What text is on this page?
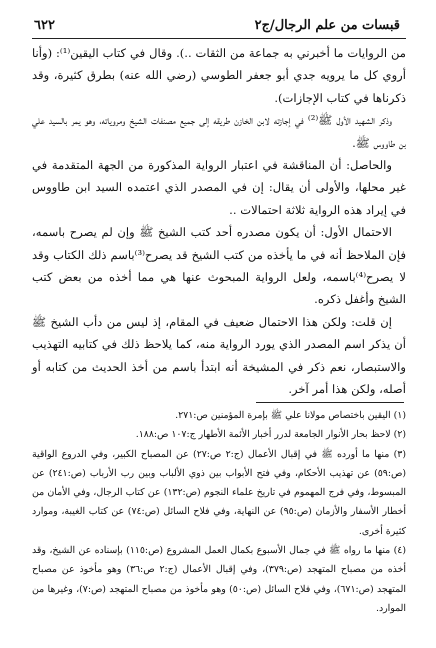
قبسات من علم الرجال/ج٢
٦٢٢

من الروايات ما أخبرني به جماعة من الثقات ..). وقال في كتاب اليقين⁽¹⁾: (وأنا أروي كل ما يرويه جدي أبو جعفر الطوسي (رضي الله عنه) بطرق كثيرة، وقد ذكرناها في كتاب الإجازات).

وذكر الشهيد الأول ﷺ⁽²⁾ في إجازته لابن الخازن طريقه إلى جميع مصنفات الشيخ ومروياته، وهو يمر بالسيد علي بن طاووس ﷺ.

والحاصل: أن المناقشة في اعتبار الرواية المذكورة من الجهة المتقدمة في غير محلها، والأولى أن يقال: إن في المصدر الذي اعتمده السيد ابن طاووس في إيراد هذه الرواية ثلاثة احتمالات ..

الاحتمال الأول: أن يكون مصدره أحد كتب الشيخ ﷺ وإن لم يصرح باسمه، فإن الملاحظ أنه في ما يأخذه من كتب الشيخ قد يصرح⁽³⁾باسم ذلك الكتاب وقد لا يصرح⁽⁴⁾باسمه، ولعل الرواية المبحوث عنها هي مما أخذه من بعض كتب الشيخ وأغفل ذكره.

إن قلت: ولكن هذا الاحتمال ضعيف في المقام، إذ ليس من دأب الشيخ ﷺ أن يذكر اسم المصدر الذي يورد الرواية منه، كما يلاحظ ذلك في كتابيه التهذيب والاستبصار، نعم ذكر في المشيخة أنه ابتدأ باسم من أخذ الحديث من كتابه أو أصله، ولكن هذا أمر آخر.

(١) اليقين باختصاص مولانا علي ﷺ بإمرة المؤمنين ص:٢٧١.

(٢) لاحظ بحار الأنوار الجامعة لدرر أخبار الأئمة الأطهار ج:١٠٧ ص:١٨٨.

(٣) منها ما أورده ﷺ في إقبال الأعمال (ج:٢ ص:٢٧) عن المصباح الكبير، وفي الدروع الواقية (ص:٥٩) عن تهذيب الأحكام، وفي فتح الأبواب بين ذوي الألباب وبين رب الأرباب (ص:٢٤١) عن المبسوط، وفي فرج المهموم في تاريخ علماء النجوم (ص:١٣٢) عن كتاب الرجال، وفي الأمان من أخطار الأسفار والأزمان (ص:٩٥) عن النهاية، وفي فلاح السائل (ص:٧٤) عن كتاب الغيبة، وموارد كثيرة أخرى.

(٤) منها ما رواه ﷺ في جمال الأسبوع بكمال العمل المشروع (ص:١١٥) بإسناده عن الشيخ، وقد أخذه من مصباح المتهجد (ص:٣٧٩)، وفي إقبال الأعمال (ج:٢ ص:٣٦) وهو مأخوذ عن مصباح المتهجد (ص:٦٧١)، وفي فلاح السائل (ص:٥٠) وهو مأخوذ من مصباح المتهجد (ص:٧)، وغيرها من الموارد.
